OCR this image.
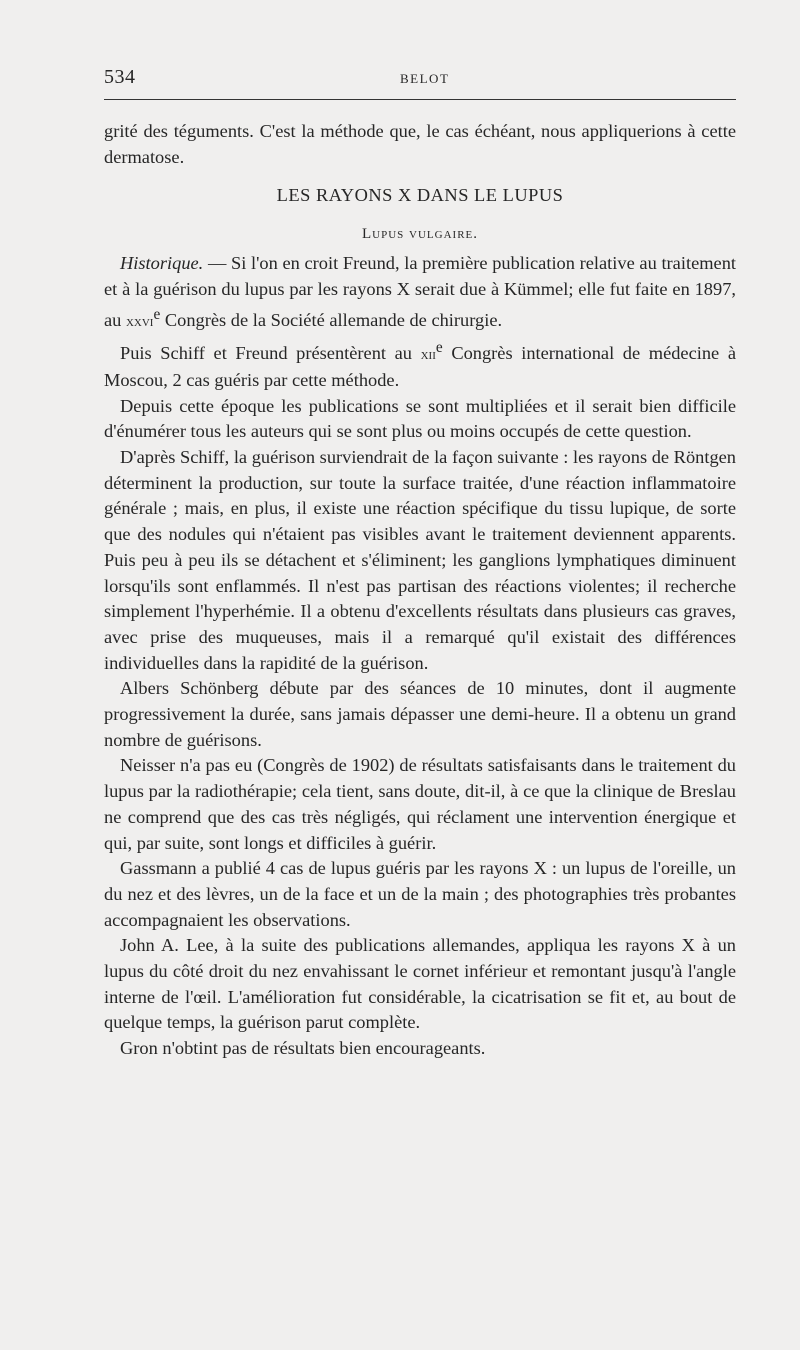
534	BELOT

grité des téguments. C'est la méthode que, le cas échéant, nous appliquerions à cette dermatose.

LES RAYONS X DANS LE LUPUS
Lupus vulgaire.

Historique. — Si l'on en croit Freund, la première publication relative au traitement et à la guérison du lupus par les rayons X serait due à Kümmel; elle fut faite en 1897, au xxvi$^e$ Congrès de la Société allemande de chirurgie.

Puis Schiff et Freund présentèrent au xii$^e$ Congrès international de médecine à Moscou, 2 cas guéris par cette méthode.

Depuis cette époque les publications se sont multipliées et il serait bien difficile d'énumérer tous les auteurs qui se sont plus ou moins occupés de cette question.

D'après Schiff, la guérison surviendrait de la façon suivante : les rayons de Röntgen déterminent la production, sur toute la surface traitée, d'une réaction inflammatoire générale ; mais, en plus, il existe une réaction spécifique du tissu lupique, de sorte que des nodules qui n'étaient pas visibles avant le traitement deviennent apparents. Puis peu à peu ils se détachent et s'éliminent; les ganglions lymphatiques diminuent lorsqu'ils sont enflammés. Il n'est pas partisan des réactions violentes; il recherche simplement l'hyperhémie. Il a obtenu d'excellents résultats dans plusieurs cas graves, avec prise des muqueuses, mais il a remarqué qu'il existait des différences individuelles dans la rapidité de la guérison.

Albers Schönberg débute par des séances de 10 minutes, dont il augmente progressivement la durée, sans jamais dépasser une demi-heure. Il a obtenu un grand nombre de guérisons.

Neisser n'a pas eu (Congrès de 1902) de résultats satisfaisants dans le traitement du lupus par la radiothérapie; cela tient, sans doute, dit-il, à ce que la clinique de Breslau ne comprend que des cas très négligés, qui réclament une intervention énergique et qui, par suite, sont longs et difficiles à guérir.

Gassmann a publié 4 cas de lupus guéris par les rayons X : un lupus de l'oreille, un du nez et des lèvres, un de la face et un de la main ; des photographies très probantes accompagnaient les observations.

John A. Lee, à la suite des publications allemandes, appliqua les rayons X à un lupus du côté droit du nez envahissant le cornet inférieur et remontant jusqu'à l'angle interne de l'œil. L'amélioration fut considérable, la cicatrisation se fit et, au bout de quelque temps, la guérison parut complète.

Gron n'obtint pas de résultats bien encourageants.
